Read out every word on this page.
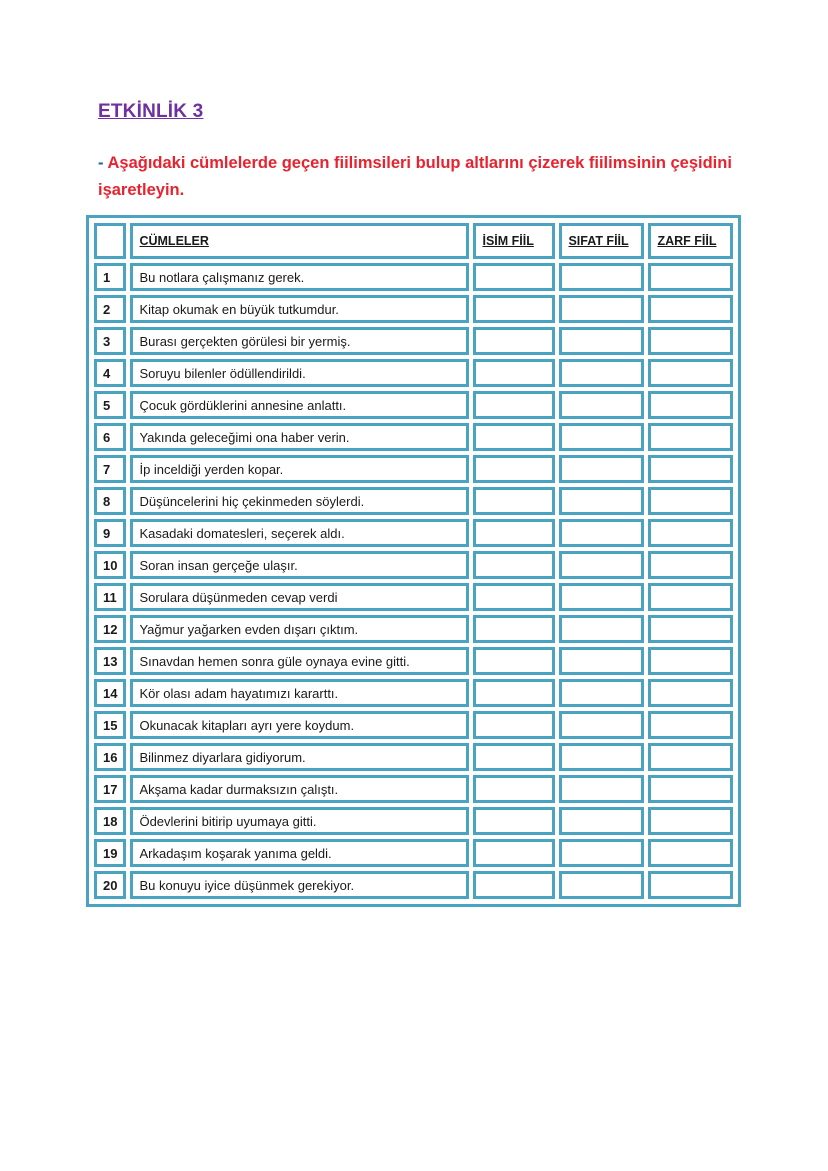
ETKİNLİK 3
- Aşağıdaki cümlelerde geçen fiilimsileri bulup altlarını çizerek fiilimsinin çeşidini işaretleyin.
	CÜMLELER	İSİM FİİL	SIFAT FİİL	ZARF FİİL
1	Bu notlara çalışmanız gerek.			
2	Kitap okumak en büyük tutkumdur.			
3	Burası gerçekten görülesi bir yermiş.			
4	Soruyu bilenler ödüllendirildi.			
5	Çocuk gördüklerini annesine anlattı.			
6	Yakında geleceğimi ona haber verin.			
7	İp inceldiği yerden kopar.			
8	Düşüncelerini hiç çekinmeden söylerdi.			
9	Kasadaki domatesleri, seçerek aldı.			
10	Soran insan gerçeğe ulaşır.			
11	Sorulara düşünmeden cevap verdi			
12	Yağmur yağarken evden dışarı çıktım.			
13	Sınavdan hemen sonra güle oynaya evine gitti.			
14	Kör olası adam hayatımızı kararttı.			
15	Okunacak kitapları ayrı yere koydum.			
16	Bilinmez diyarlara gidiyorum.			
17	Akşama kadar durmaksızın çalıştı.			
18	Ödevlerini bitirip uyumaya gitti.			
19	Arkadaşım koşarak yanıma geldi.			
20	Bu konuyu iyice düşünmek gerekiyor.			
